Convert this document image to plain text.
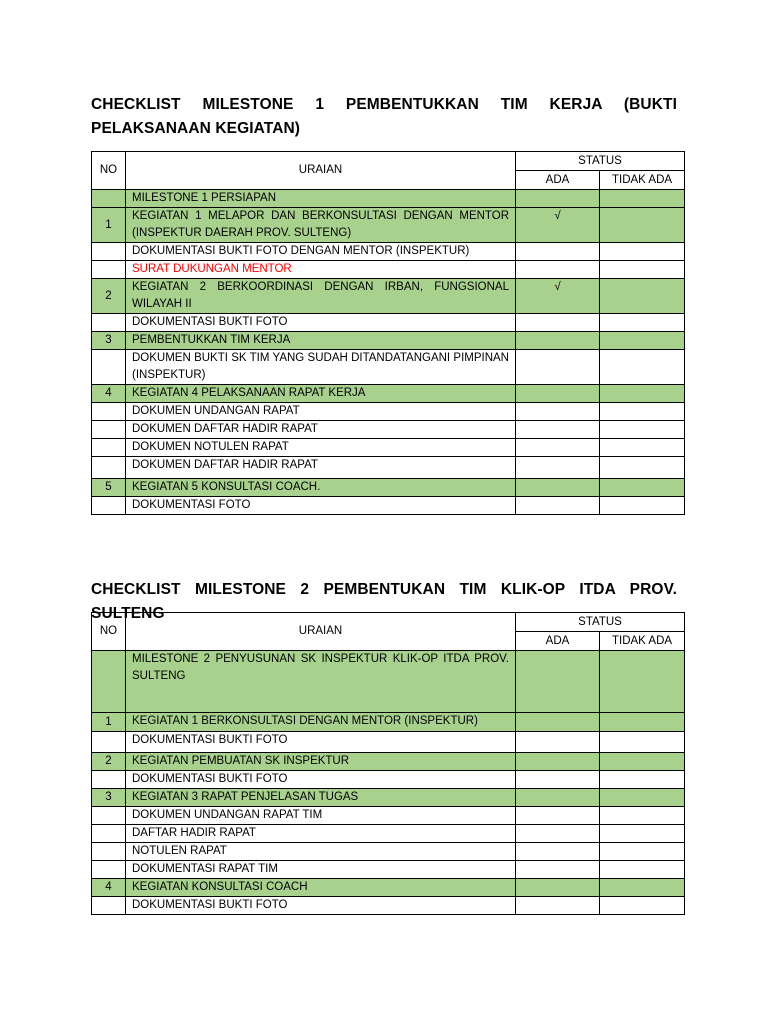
CHECKLIST MILESTONE 1 PEMBENTUKKAN TIM KERJA (BUKTI PELAKSANAAN KEGIATAN)
NO	URAIAN	STATUS	
		ADA	TIDAK ADA
	MILESTONE 1 PERSIAPAN		
1	KEGIATAN 1 MELAPOR DAN BERKONSULTASI DENGAN MENTOR (INSPEKTUR DAERAH PROV. SULTENG)	√	
	DOKUMENTASI BUKTI FOTO DENGAN MENTOR (INSPEKTUR)		
	SURAT DUKUNGAN MENTOR		
2	KEGIATAN 2 BERKOORDINASI DENGAN IRBAN, FUNGSIONAL WILAYAH II	√	
	DOKUMENTASI BUKTI FOTO		
3	PEMBENTUKKAN TIM KERJA		
	DOKUMEN BUKTI SK TIM YANG SUDAH DITANDATANGANI PIMPINAN (INSPEKTUR)		
4	KEGIATAN 4 PELAKSANAAN RAPAT KERJA		
	DOKUMEN UNDANGAN RAPAT		
	DOKUMEN DAFTAR HADIR RAPAT		
	DOKUMEN NOTULEN RAPAT		
	DOKUMEN DAFTAR HADIR RAPAT		
5	KEGIATAN 5 KONSULTASI COACH.		
	DOKUMENTASI FOTO		
CHECKLIST MILESTONE 2 PEMBENTUKAN TIM KLIK-OP ITDA PROV. SULTENG
NO	URAIAN	STATUS	
		ADA	TIDAK ADA
	MILESTONE 2 PENYUSUNAN SK INSPEKTUR KLIK-OP ITDA PROV. SULTENG		
1	KEGIATAN 1 BERKONSULTASI DENGAN MENTOR (INSPEKTUR)		
	DOKUMENTASI BUKTI FOTO		
2	KEGIATAN PEMBUATAN SK INSPEKTUR		
	DOKUMENTASI BUKTI FOTO		
3	KEGIATAN 3 RAPAT PENJELASAN TUGAS		
	DOKUMEN UNDANGAN RAPAT TIM		
	DAFTAR HADIR RAPAT		
	NOTULEN RAPAT		
	DOKUMENTASI RAPAT TIM		
4	KEGIATAN KONSULTASI COACH		
	DOKUMENTASI BUKTI FOTO		
